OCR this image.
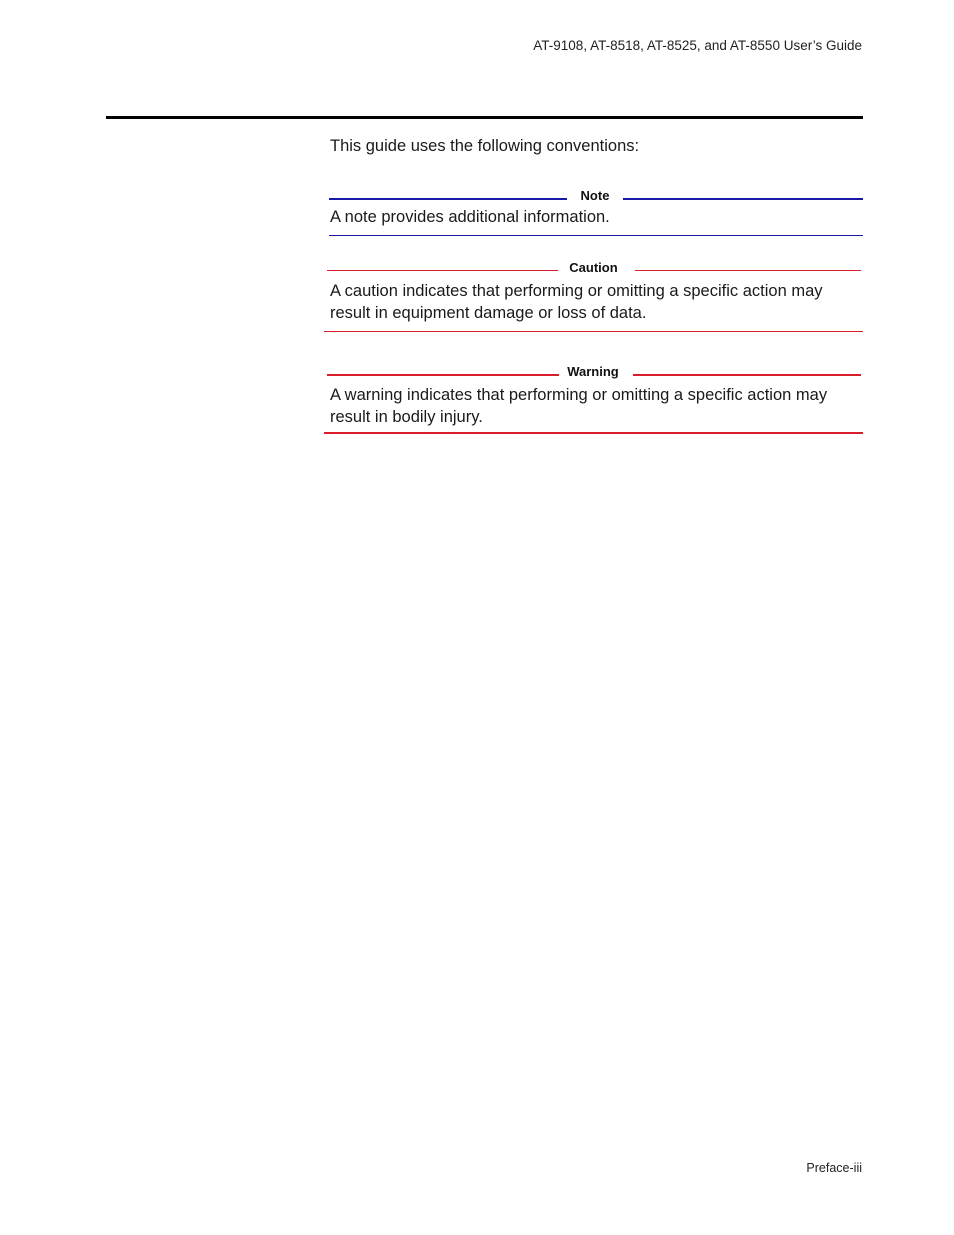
AT-9108, AT-8518, AT-8525, and AT-8550 User’s Guide
This guide uses the following conventions:
Note
A note provides additional information.
Caution
A caution indicates that performing or omitting a specific action may result in equipment damage or loss of data.
Warning
A warning indicates that performing or omitting a specific action may result in bodily injury.
Preface-iii
